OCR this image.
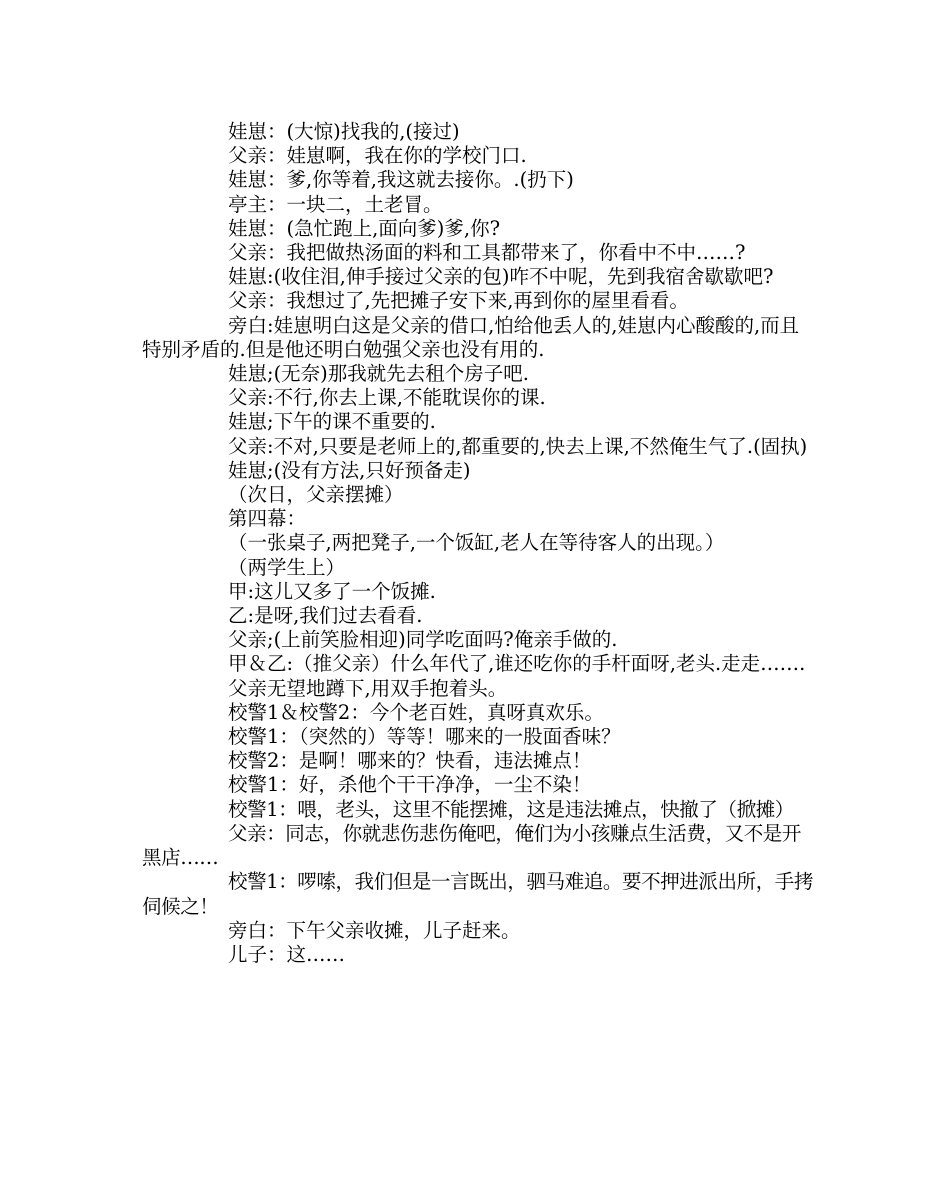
娃崽：(大惊)找我的,(接过)

父亲：娃崽啊，我在你的学校门口.

娃崽：爹,你等着,我这就去接你。.(扔下)

亭主：一块二，土老冒。

娃崽：(急忙跑上,面向爹)爹,你?

父亲：我把做热汤面的料和工具都带来了，你看中不中……?

娃崽:(收住泪,伸手接过父亲的包)咋不中呢，先到我宿舍歇歇吧?

父亲：我想过了,先把摊子安下来,再到你的屋里看看。

旁白:娃崽明白这是父亲的借口,怕给他丢人的,娃崽内心酸酸的,而且特别矛盾的.但是他还明白勉强父亲也没有用的.

娃崽;(无奈)那我就先去租个房子吧.

父亲:不行,你去上课,不能耽误你的课.

娃崽;下午的课不重要的.

父亲:不对,只要是老师上的,都重要的,快去上课,不然俺生气了.(固执)

娃崽;(没有方法,只好预备走)

（次日，父亲摆摊）

第四幕：

（一张桌子,两把凳子,一个饭缸,老人在等待客人的出现。）

（两学生上）

甲:这儿又多了一个饭摊.

乙:是呀,我们过去看看.

父亲;(上前笑脸相迎)同学吃面吗?俺亲手做的.

甲＆乙:（推父亲）什么年代了,谁还吃你的手杆面呀,老头.走走…….

父亲无望地蹲下,用双手抱着头。

校警1＆校警2：今个老百姓，真呀真欢乐。

校警1：（突然的）等等！哪来的一股面香味？

校警2：是啊！哪来的？快看，违法摊点！

校警1：好，杀他个干干净净，一尘不染！

校警1：喂，老头，这里不能摆摊，这是违法摊点，快撤了（掀摊）

父亲：同志，你就悲伤悲伤俺吧，俺们为小孩赚点生活费，又不是开黑店……

校警1：啰嗦，我们但是一言既出，驷马难追。要不押进派出所，手拷伺候之！

旁白：下午父亲收摊，儿子赶来。

儿子：这……
